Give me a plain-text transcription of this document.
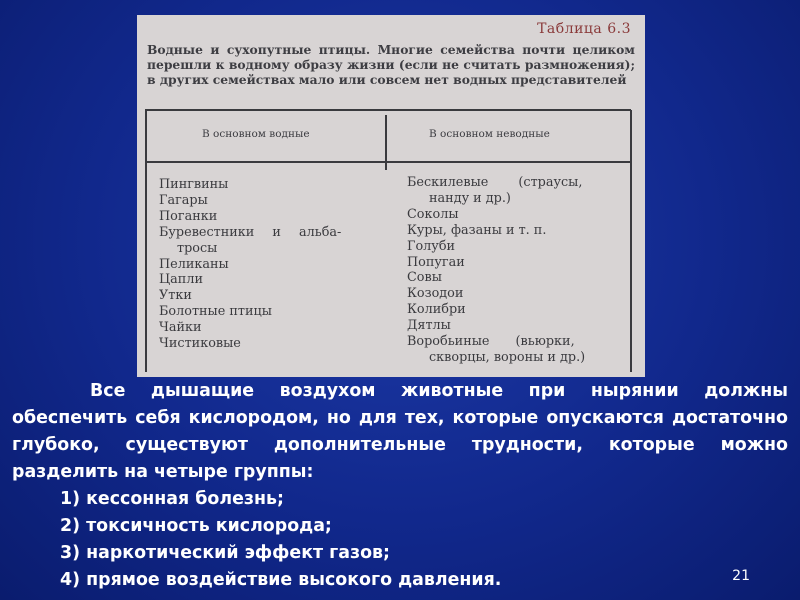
Таблица 6.3
Водные и сухопутные птицы. Многие семейства почти целиком перешли к водному образу жизни (если не считать размножения); в других семействах мало или совсем нет водных представителей
В основном водные	В основном неводные
Пингвины
Гагары
Поганки
Буревестники и альба-
тросы
Пеликаны
Цапли
Утки
Болотные птицы
Чайки
Чистиковые
Бескилевые (страусы,
нанду и др.)
Соколы
Куры, фазаны и т. п.
Голуби
Попугаи
Совы
Козодои
Колибри
Дятлы
Воробьиные (вьюрки,
скворцы, вороны и др.)

Все дышащие воздухом животные при нырянии должны обеспечить себя кислородом, но для тех, которые опускаются достаточно глубоко, существуют дополнительные трудности, которые можно разделить на четыре группы:

1) кессонная болезнь;
2) токсичность кислорода;
3) наркотический эффект газов;
4) прямое воздействие высокого давления.	21
